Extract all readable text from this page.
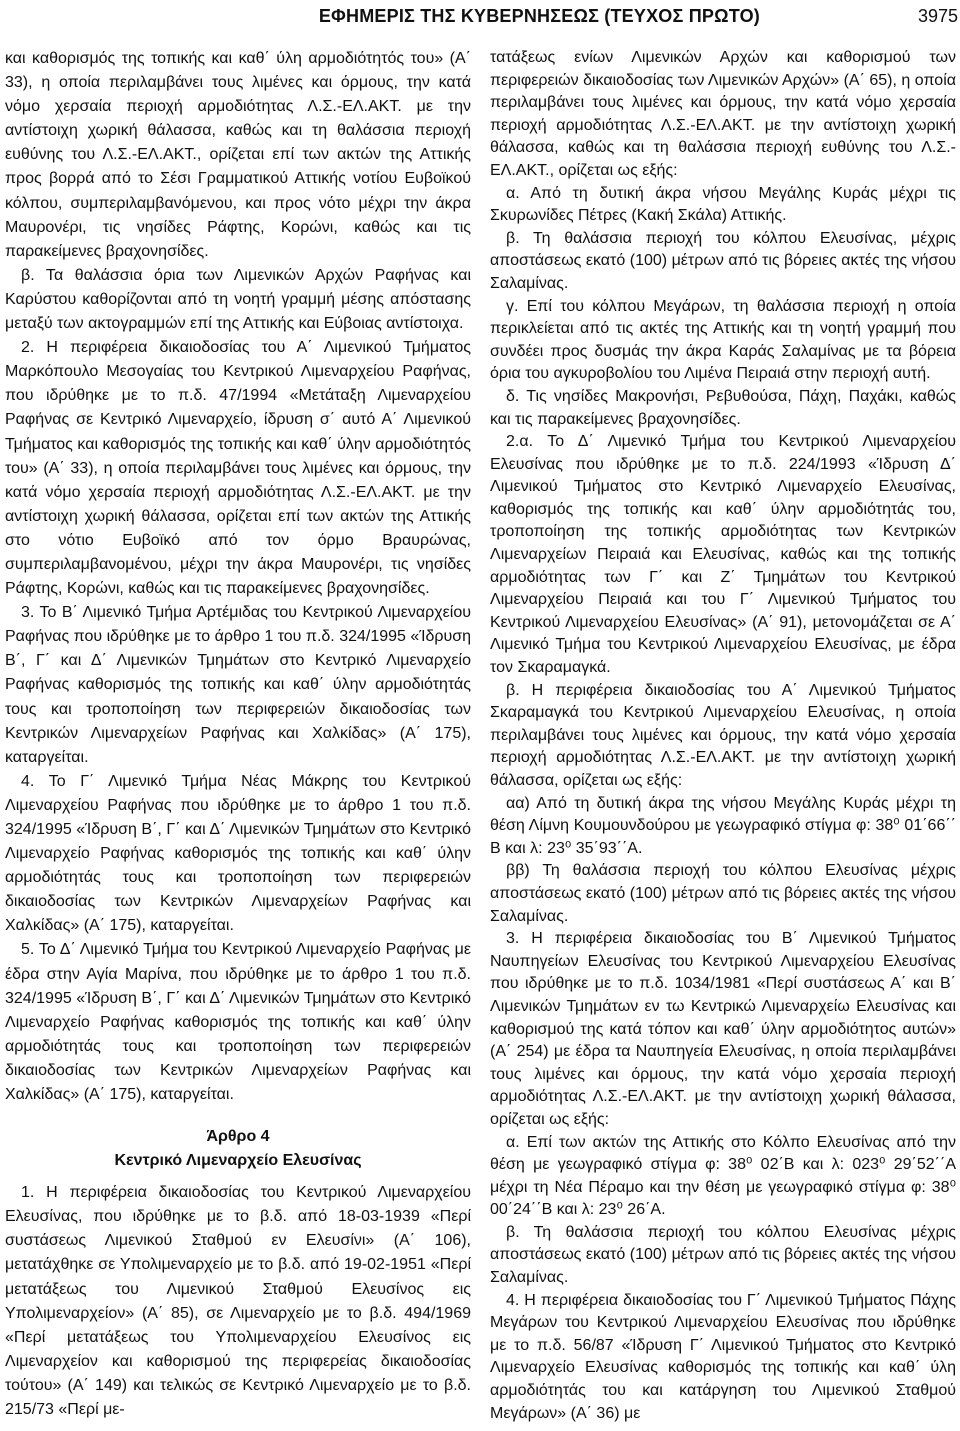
ΕΦΗΜΕΡΙΣ ΤΗΣ ΚΥΒΕΡΝΗΣΕΩΣ (ΤΕΥΧΟΣ ΠΡΩΤΟ)	3975

και καθορισμός της τοπικής και καθ΄ ύλη αρμοδιότητός του» (Α΄ 33), η οποία περιλαμβάνει τους λιμένες και όρμους, την κατά νόμο χερσαία περιοχή αρμοδιότητας Λ.Σ.-ΕΛ.ΑΚΤ. με την αντίστοιχη χωρική θάλασσα, καθώς και τη θαλάσσια περιοχή ευθύνης του Λ.Σ.-ΕΛ.ΑΚΤ., ορίζεται επί των ακτών της Αττικής προς βορρά από το Σέσι Γραμματικού Αττικής νοτίου Ευβοϊκού κόλπου, συμπεριλαμβανόμενου, και προς νότο μέχρι την άκρα Μαυρονέρι, τις νησίδες Ράφτης, Κορώνι, καθώς και τις παρακείμενες βραχονησίδες.

β. Τα θαλάσσια όρια των Λιμενικών Αρχών Ραφήνας και Καρύστου καθορίζονται από τη νοητή γραμμή μέσης απόστασης μεταξύ των ακτογραμμών επί της Αττικής και Εύβοιας αντίστοιχα.

2. Η περιφέρεια δικαιοδοσίας του Α΄ Λιμενικού Τμήματος Μαρκόπουλο Μεσογαίας του Κεντρικού Λιμεναρχείου Ραφήνας, που ιδρύθηκε με το π.δ. 47/1994 «Μετάταξη Λιμεναρχείου Ραφήνας σε Κεντρικό Λιμεναρχείο, ίδρυση σ΄ αυτό Α΄ Λιμενικού Τμήματος και καθορισμός της τοπικής και καθ΄ ύλην αρμοδιότητός του» (Α΄ 33), η οποία περιλαμβάνει τους λιμένες και όρμους, την κατά νόμο χερσαία περιοχή αρμοδιότητας Λ.Σ.-ΕΛ.ΑΚΤ. με την αντίστοιχη χωρική θάλασσα, ορίζεται επί των ακτών της Αττικής στο νότιο Ευβοϊκό από τον όρμο Βραυρώνας, συμπεριλαμβανομένου, μέχρι την άκρα Μαυρονέρι, τις νησίδες Ράφτης, Κορώνι, καθώς και τις παρακείμενες βραχονησίδες.

3. Το Β΄ Λιμενικό Τμήμα Αρτέμιδας του Κεντρικού Λιμεναρχείου Ραφήνας που ιδρύθηκε με το άρθρο 1 του π.δ. 324/1995 «Ίδρυση Β΄, Γ΄ και Δ΄ Λιμενικών Τμημάτων στο Κεντρικό Λιμεναρχείο Ραφήνας καθορισμός της τοπικής και καθ΄ ύλην αρμοδιότητάς τους και τροποποίηση των περιφερειών δικαιοδοσίας των Κεντρικών Λιμεναρχείων Ραφήνας και Χαλκίδας» (Α΄ 175), καταργείται.

4. Το Γ΄ Λιμενικό Τμήμα Νέας Μάκρης του Κεντρικού Λιμεναρχείου Ραφήνας που ιδρύθηκε με το άρθρο 1 του π.δ. 324/1995 «Ίδρυση Β΄, Γ΄ και Δ΄ Λιμενικών Τμημάτων στο Κεντρικό Λιμεναρχείο Ραφήνας καθορισμός της τοπικής και καθ΄ ύλην αρμοδιότητάς τους και τροποποίηση των περιφερειών δικαιοδοσίας των Κεντρικών Λιμεναρχείων Ραφήνας και Χαλκίδας» (Α΄ 175), καταργείται.

5. Το Δ΄ Λιμενικό Τμήμα του Κεντρικού Λιμεναρχείο Ραφήνας με έδρα στην Αγία Μαρίνα, που ιδρύθηκε με το άρθρο 1 του π.δ. 324/1995 «Ίδρυση Β΄, Γ΄ και Δ΄ Λιμενικών Τμημάτων στο Κεντρικό Λιμεναρχείο Ραφήνας καθορισμός της τοπικής και καθ΄ ύλην αρμοδιότητάς τους και τροποποίηση των περιφερειών δικαιοδοσίας των Κεντρικών Λιμεναρχείων Ραφήνας και Χαλκίδας» (Α΄ 175), καταργείται.

Άρθρο 4
Κεντρικό Λιμεναρχείο Ελευσίνας

1. Η περιφέρεια δικαιοδοσίας του Κεντρικού Λιμεναρχείου Ελευσίνας, που ιδρύθηκε με το β.δ. από 18-03-1939 «Περί συστάσεως Λιμενικού Σταθμού εν Ελευσίνι» (Α΄ 106), μετατάχθηκε σε Υπολιμεναρχείο με το β.δ. από 19-02-1951 «Περί μετατάξεως του Λιμενικού Σταθμού Ελευσίνος εις Υπολιμεναρχείον» (Α΄ 85), σε Λιμεναρχείο με το β.δ. 494/1969 «Περί μετατάξεως του Υπολιμεναρχείου Ελευσίνος εις Λιμεναρχείον και καθορισμού της περιφερείας δικαιοδοσίας τούτου» (Α΄ 149) και τελικώς σε Κεντρικό Λιμεναρχείο με το β.δ. 215/73 «Περί με-

τατάξεως ενίων Λιμενικών Αρχών και καθορισμού των περιφερειών δικαιοδοσίας των Λιμενικών Αρχών» (Α΄ 65), η οποία περιλαμβάνει τους λιμένες και όρμους, την κατά νόμο χερσαία περιοχή αρμοδιότητας Λ.Σ.-ΕΛ.ΑΚΤ. με την αντίστοιχη χωρική θάλασσα, καθώς και τη θαλάσσια περιοχή ευθύνης του Λ.Σ.-ΕΛ.ΑΚΤ., ορίζεται ως εξής:

α. Από τη δυτική άκρα νήσου Μεγάλης Κυράς μέχρι τις Σκυρωνίδες Πέτρες (Κακή Σκάλα) Αττικής.

β. Τη θαλάσσια περιοχή του κόλπου Ελευσίνας, μέχρις αποστάσεως εκατό (100) μέτρων από τις βόρειες ακτές της νήσου Σαλαμίνας.

γ. Επί του κόλπου Μεγάρων, τη θαλάσσια περιοχή η οποία περικλείεται από τις ακτές της Αττικής και τη νοητή γραμμή που συνδέει προς δυσμάς την άκρα Καράς Σαλαμίνας με τα βόρεια όρια του αγκυροβολίου του Λιμένα Πειραιά στην περιοχή αυτή.

δ. Τις νησίδες Μακρονήσι, Ρεβυθούσα, Πάχη, Παχάκι, καθώς και τις παρακείμενες βραχονησίδες.

2.α. Το Δ΄ Λιμενικό Τμήμα του Κεντρικού Λιμεναρχείου Ελευσίνας που ιδρύθηκε με το π.δ. 224/1993 «Ίδρυση Δ΄ Λιμενικού Τμήματος στο Κεντρικό Λιμεναρχείο Ελευσίνας, καθορισμός της τοπικής και καθ΄ ύλην αρμοδιότητάς του, τροποποίηση της τοπικής αρμοδιότητας των Κεντρικών Λιμεναρχείων Πειραιά και Ελευσίνας, καθώς και της τοπικής αρμοδιότητας των Γ΄ και Ζ΄ Τμημάτων του Κεντρικού Λιμεναρχείου Πειραιά και του Γ΄ Λιμενικού Τμήματος του Κεντρικού Λιμεναρχείου Ελευσίνας» (Α΄ 91), μετονομάζεται σε Α΄ Λιμενικό Τμήμα του Κεντρικού Λιμεναρχείου Ελευσίνας, με έδρα τον Σκαραμαγκά.

β. Η περιφέρεια δικαιοδοσίας του Α΄ Λιμενικού Τμήματος Σκαραμαγκά του Κεντρικού Λιμεναρχείου Ελευσίνας, η οποία περιλαμβάνει τους λιμένες και όρμους, την κατά νόμο χερσαία περιοχή αρμοδιότητας Λ.Σ.-ΕΛ.ΑΚΤ. με την αντίστοιχη χωρική θάλασσα, ορίζεται ως εξής:

αα) Από τη δυτική άκρα της νήσου Μεγάλης Κυράς μέχρι τη θέση Λίμνη Κουμουνδούρου με γεωγραφικό στίγμα φ: 38⁰ 01΄66΄΄ Β και λ: 23⁰ 35΄93΄΄Α.

ββ) Τη θαλάσσια περιοχή του κόλπου Ελευσίνας μέχρις αποστάσεως εκατό (100) μέτρων από τις βόρειες ακτές της νήσου Σαλαμίνας.

3. Η περιφέρεια δικαιοδοσίας του Β΄ Λιμενικού Τμήματος Ναυπηγείων Ελευσίνας του Κεντρικού Λιμεναρχείου Ελευσίνας που ιδρύθηκε με το π.δ. 1034/1981 «Περί συστάσεως Α΄ και Β΄ Λιμενικών Τμημάτων εν τω Κεντρικώ Λιμεναρχείω Ελευσίνας και καθορισμού της κατά τόπον και καθ΄ ύλην αρμοδιότητος αυτών» (Α΄ 254) με έδρα τα Ναυπηγεία Ελευσίνας, η οποία περιλαμβάνει τους λιμένες και όρμους, την κατά νόμο χερσαία περιοχή αρμοδιότητας Λ.Σ.-ΕΛ.ΑΚΤ. με την αντίστοιχη χωρική θάλασσα, ορίζεται ως εξής:

α. Επί των ακτών της Αττικής στο Κόλπο Ελευσίνας από την θέση με γεωγραφικό στίγμα φ: 38⁰ 02΄Β και λ: 023⁰ 29΄52΄΄Α μέχρι τη Νέα Πέραμο και την θέση με γεωγραφικό στίγμα φ: 38⁰ 00΄24΄΄Β και λ: 23⁰ 26΄Α.

β. Τη θαλάσσια περιοχή του κόλπου Ελευσίνας μέχρις αποστάσεως εκατό (100) μέτρων από τις βόρειες ακτές της νήσου Σαλαμίνας.

4. Η περιφέρεια δικαιοδοσίας του Γ΄ Λιμενικού Τμήματος Πάχης Μεγάρων του Κεντρικού Λιμεναρχείου Ελευσίνας που ιδρύθηκε με το π.δ. 56/87 «Ίδρυση Γ΄ Λιμενικού Τμήματος στο Κεντρικό Λιμεναρχείο Ελευσίνας καθορισμός της τοπικής και καθ΄ ύλη αρμοδιότητάς του και κατάργηση του Λιμενικού Σταθμού Μεγάρων» (Α΄ 36) με
